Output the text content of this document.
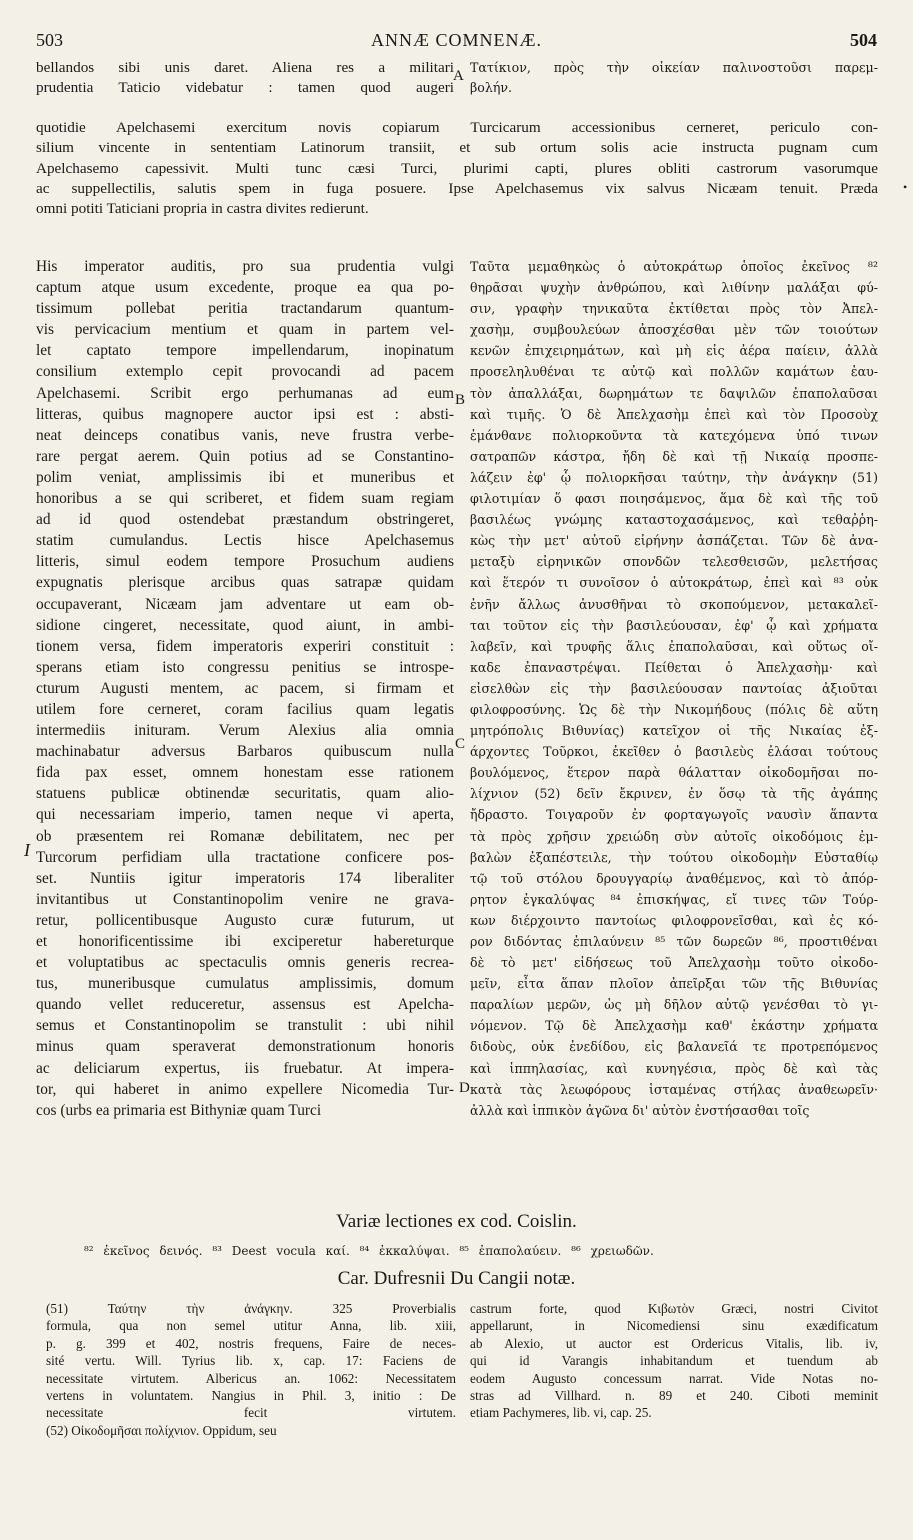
503	ANNÆ COMNENÆ.	504
bellandos sibi unis daret. Aliena res a militari
prudentia Taticio videbatur : tamen quod augeri
Τατίκιον, πρὸς τὴν οἰκείαν παλινοστοῦσι παρεμ-
βολήν.
quotidie Apelchasemi exercitum novis copiarum Turcicarum accessionibus cerneret, periculo con-
silium vincente in sententiam Latinorum transiit, et sub ortum solis acie instructa pugnam cum
Apelchasemo capessivit. Multi tunc cæsi Turci, plurimi capti, plures obliti castrorum vasorumque
ac suppellectilis, salutis spem in fuga posuere. Ipse Apelchasemus vix salvus Nicæam tenuit. Præda
omni potiti Taticiani propria in castra divites redierunt.
His imperator auditis, pro sua prudentia vulgi
captum atque usum excedente, proque ea qua po-
tissimum pollebat peritia tractandarum quantum-
vis pervicacium mentium et quam in partem vel-
let captato tempore impellendarum, inopinatum
consilium extemplo cepit provocandi ad pacem
Apelchasemi. Scribit ergo perhumanas ad eum
litteras, quibus magnopere auctor ipsi est : absti-
neat deinceps conatibus vanis, neve frustra verbe-
rare pergat aerem. Quin potius ad se Constantino-
polim veniat, amplissimis ibi et muneribus et
honoribus a se qui scriberet, et fidem suam regiam
ad id quod ostendebat præstandum obstringeret,
statim cumulandus. Lectis hisce Apelchasemus
litteris, simul eodem tempore Prosuchum audiens
expugnatis plerisque arcibus quas satrapæ quidam
occupaverant, Nicæam jam adventare ut eam ob-
sidione cingeret, necessitate, quod aiunt, in ambi-
tionem versa, fidem imperatoris experiri constituit :
sperans etiam isto congressu penitius se introspe-
cturum Augusti mentem, ac pacem, si firmam et
utilem fore cerneret, coram facilius quam legatis
intermediis inituram. Verum Alexius alia omnia
machinabatur adversus Barbaros quibuscum nulla
fida pax esset, omnem honestam esse rationem
statuens publicæ obtinendæ securitatis, quam alio-
qui necessariam imperio, tamen neque vi aperta,
ob præsentem rei Romanæ debilitatem, nec per
Turcorum perfidiam ulla tractatione conficere pos-
set. Nuntiis igitur imperatoris 174 liberaliter
invitantibus ut Constantinopolim venire ne grava-
retur, pollicentibusque Augusto curæ futurum, ut
et honorificentissime ibi exciperetur habereturque
et voluptatibus ac spectaculis omnis generis recrea-
tus, muneribusque cumulatus amplissimis, domum
quando vellet reduceretur, assensus est Apelcha-
semus et Constantinopolim se transtulit : ubi nihil
minus quam speraverat demonstrationum honoris
ac deliciarum expertus, iis fruebatur. At impera-
tor, qui haberet in animo expellere Nicomedia Tur-
cos (urbs ea primaria est Bithyniæ quam Turci
Ταῦτα μεμαθηκὼς ὁ αὐτοκράτωρ ὁποῖος ἐκεῖνος ⁸²
θηρᾶσαι ψυχὴν ἀνθρώπου, καὶ λιθίνην μαλάξαι φύ-
σιν, γραφὴν τηνικαῦτα ἐκτίθεται πρὸς τὸν Ἀπελ-
χασὴμ, συμβουλεύων ἀποσχέσθαι μὲν τῶν τοιούτων
κενῶν ἐπιχειρημάτων, καὶ μὴ εἰς ἀέρα παίειν, ἀλλὰ
προσεληλυθέναι τε αὐτῷ καὶ πολλῶν καμάτων ἑαυ-
τὸν ἀπαλλάξαι, δωρημάτων τε δαψιλῶν ἐπαπολαῦσαι
καὶ τιμῆς. Ὁ δὲ Ἀπελχασὴμ ἐπεὶ καὶ τὸν Προσοὺχ
ἐμάνθανε πολιορκοῦντα τὰ κατεχόμενα ὑπό τινων
σατραπῶν κάστρα, ἤδη δὲ καὶ τῇ Νικαίᾳ προσπε-
λάζειν ἐφ' ᾧ πολιορκῆσαι ταύτην, τὴν ἀνάγκην (51)
φιλοτιμίαν ὅ φασι ποιησάμενος, ἅμα δὲ καὶ τῆς τοῦ
βασιλέως γνώμης καταστοχασάμενος, καὶ τεθαῤῥη-
κὼς τὴν μετ' αὐτοῦ εἰρήνην ἀσπάζεται. Τῶν δὲ ἀνα-
μεταξὺ εἰρηνικῶν σπονδῶν τελεσθεισῶν, μελετήσας
καὶ ἕτερόν τι συνοῖσον ὁ αὐτοκράτωρ, ἐπεὶ καὶ ⁸³ οὐκ
ἐνῆν ἄλλως ἀνυσθῆναι τὸ σκοπούμενον, μετακαλεῖ-
ται τοῦτον εἰς τὴν βασιλεύουσαν, ἐφ' ᾧ καὶ χρήματα
λαβεῖν, καὶ τρυφῆς ἅλις ἐπαπολαῦσαι, καὶ οὕτως οἴ-
καδε ἐπαναστρέψαι. Πείθεται ὁ Ἀπελχασὴμ· καὶ
εἰσελθὼν εἰς τὴν βασιλεύουσαν παντοίας ἀξιοῦται
φιλοφροσύνης. Ὡς δὲ τὴν Νικομήδους (πόλις δὲ αὕτη
μητρόπολις Βιθυνίας) κατεῖχον οἱ τῆς Νικαίας ἐξ-
άρχοντες Τοῦρκοι, ἐκεῖθεν ὁ βασιλεὺς ἐλάσαι τούτους
βουλόμενος, ἕτερον παρὰ θάλατταν οἰκοδομῆσαι πο-
λίχνιον (52) δεῖν ἔκρινεν, ἐν ὅσῳ τὰ τῆς ἀγάπης
ἤδραστο. Τοιγαροῦν ἐν φορταγωγοῖς ναυσὶν ἅπαντα
τὰ πρὸς χρῆσιν χρειώδη σὺν αὐτοῖς οἰκοδόμοις ἐμ-
βαλὼν ἐξαπέστειλε, τὴν τούτου οἰκοδομὴν Εὐσταθίῳ
τῷ τοῦ στόλου δρουγγαρίῳ ἀναθέμενος, καὶ τὸ ἀπόρ-
ρητον ἐγκαλύψας ⁸⁴ ἐπισκήψας, εἴ τινες τῶν Τούρ-
κων διέρχοιντο παντοίως φιλοφρονεῖσθαι, καὶ ἐς κό-
ρον διδόντας ἐπιλαύνειν ⁸⁵ τῶν δωρεῶν ⁸⁶, προστιθέναι
δὲ τὸ μετ' εἰδήσεως τοῦ Ἀπελχασὴμ τοῦτο οἰκοδο-
μεῖν, εἶτα ἅπαν πλοῖον ἀπεῖρξαι τῶν τῆς Βιθυνίας
παραλίων μερῶν, ὡς μὴ δῆλον αὐτῷ γενέσθαι τὸ γι-
νόμενον. Τῷ δὲ Ἀπελχασὴμ καθ' ἑκάστην χρήματα
διδοὺς, οὐκ ἐνεδίδου, εἰς βαλανεῖά τε προτρεπόμενος
καὶ ἱππηλασίας, καὶ κυνηγέσια, πρὸς δὲ καὶ τὰς
κατὰ τὰς λεωφόρους ἱσταμένας στήλας ἀναθεωρεῖν·
ἀλλὰ καὶ ἱππικὸν ἀγῶνα δι' αὐτὸν ἐνστήσασθαι τοῖς
A
B
C
D
I
•
Variæ lectiones ex cod. Coislin.
⁸² ἐκεῖνος δεινός. ⁸³ Deest vocula καί. ⁸⁴ ἐκκαλύψαι. ⁸⁵ ἐπαπολαύειν. ⁸⁶ χρειωδῶν.
Car. Dufresnii Du Cangii notæ.
(51) Ταύτην τὴν ἀνάγκην. 325 Proverbialis
formula, qua non semel utitur Anna, lib. xiii,
p. g. 399 et 402, nostris frequens, Faire de neces-
sité vertu. Will. Tyrius lib. x, cap. 17: Faciens de
necessitate virtutem. Albericus an. 1062: Necessitatem
vertens in voluntatem. Nangius in Phil. 3, initio : De
necessitate fecit virtutem.
(52) Οἰκοδομῆσαι πολίχνιον. Oppidum, seu
castrum forte, quod Κιβωτὸν Græci, nostri Civitot
appellarunt, in Nicomediensi sinu exædificatum
ab Alexio, ut auctor est Ordericus Vitalis, lib. iv,
qui id Varangis inhabitandum et tuendum ab
eodem Augusto concessum narrat. Vide Notas no-
stras ad Villhard. n. 89 et 240. Ciboti meminit
etiam Pachymeres, lib. vi, cap. 25.
